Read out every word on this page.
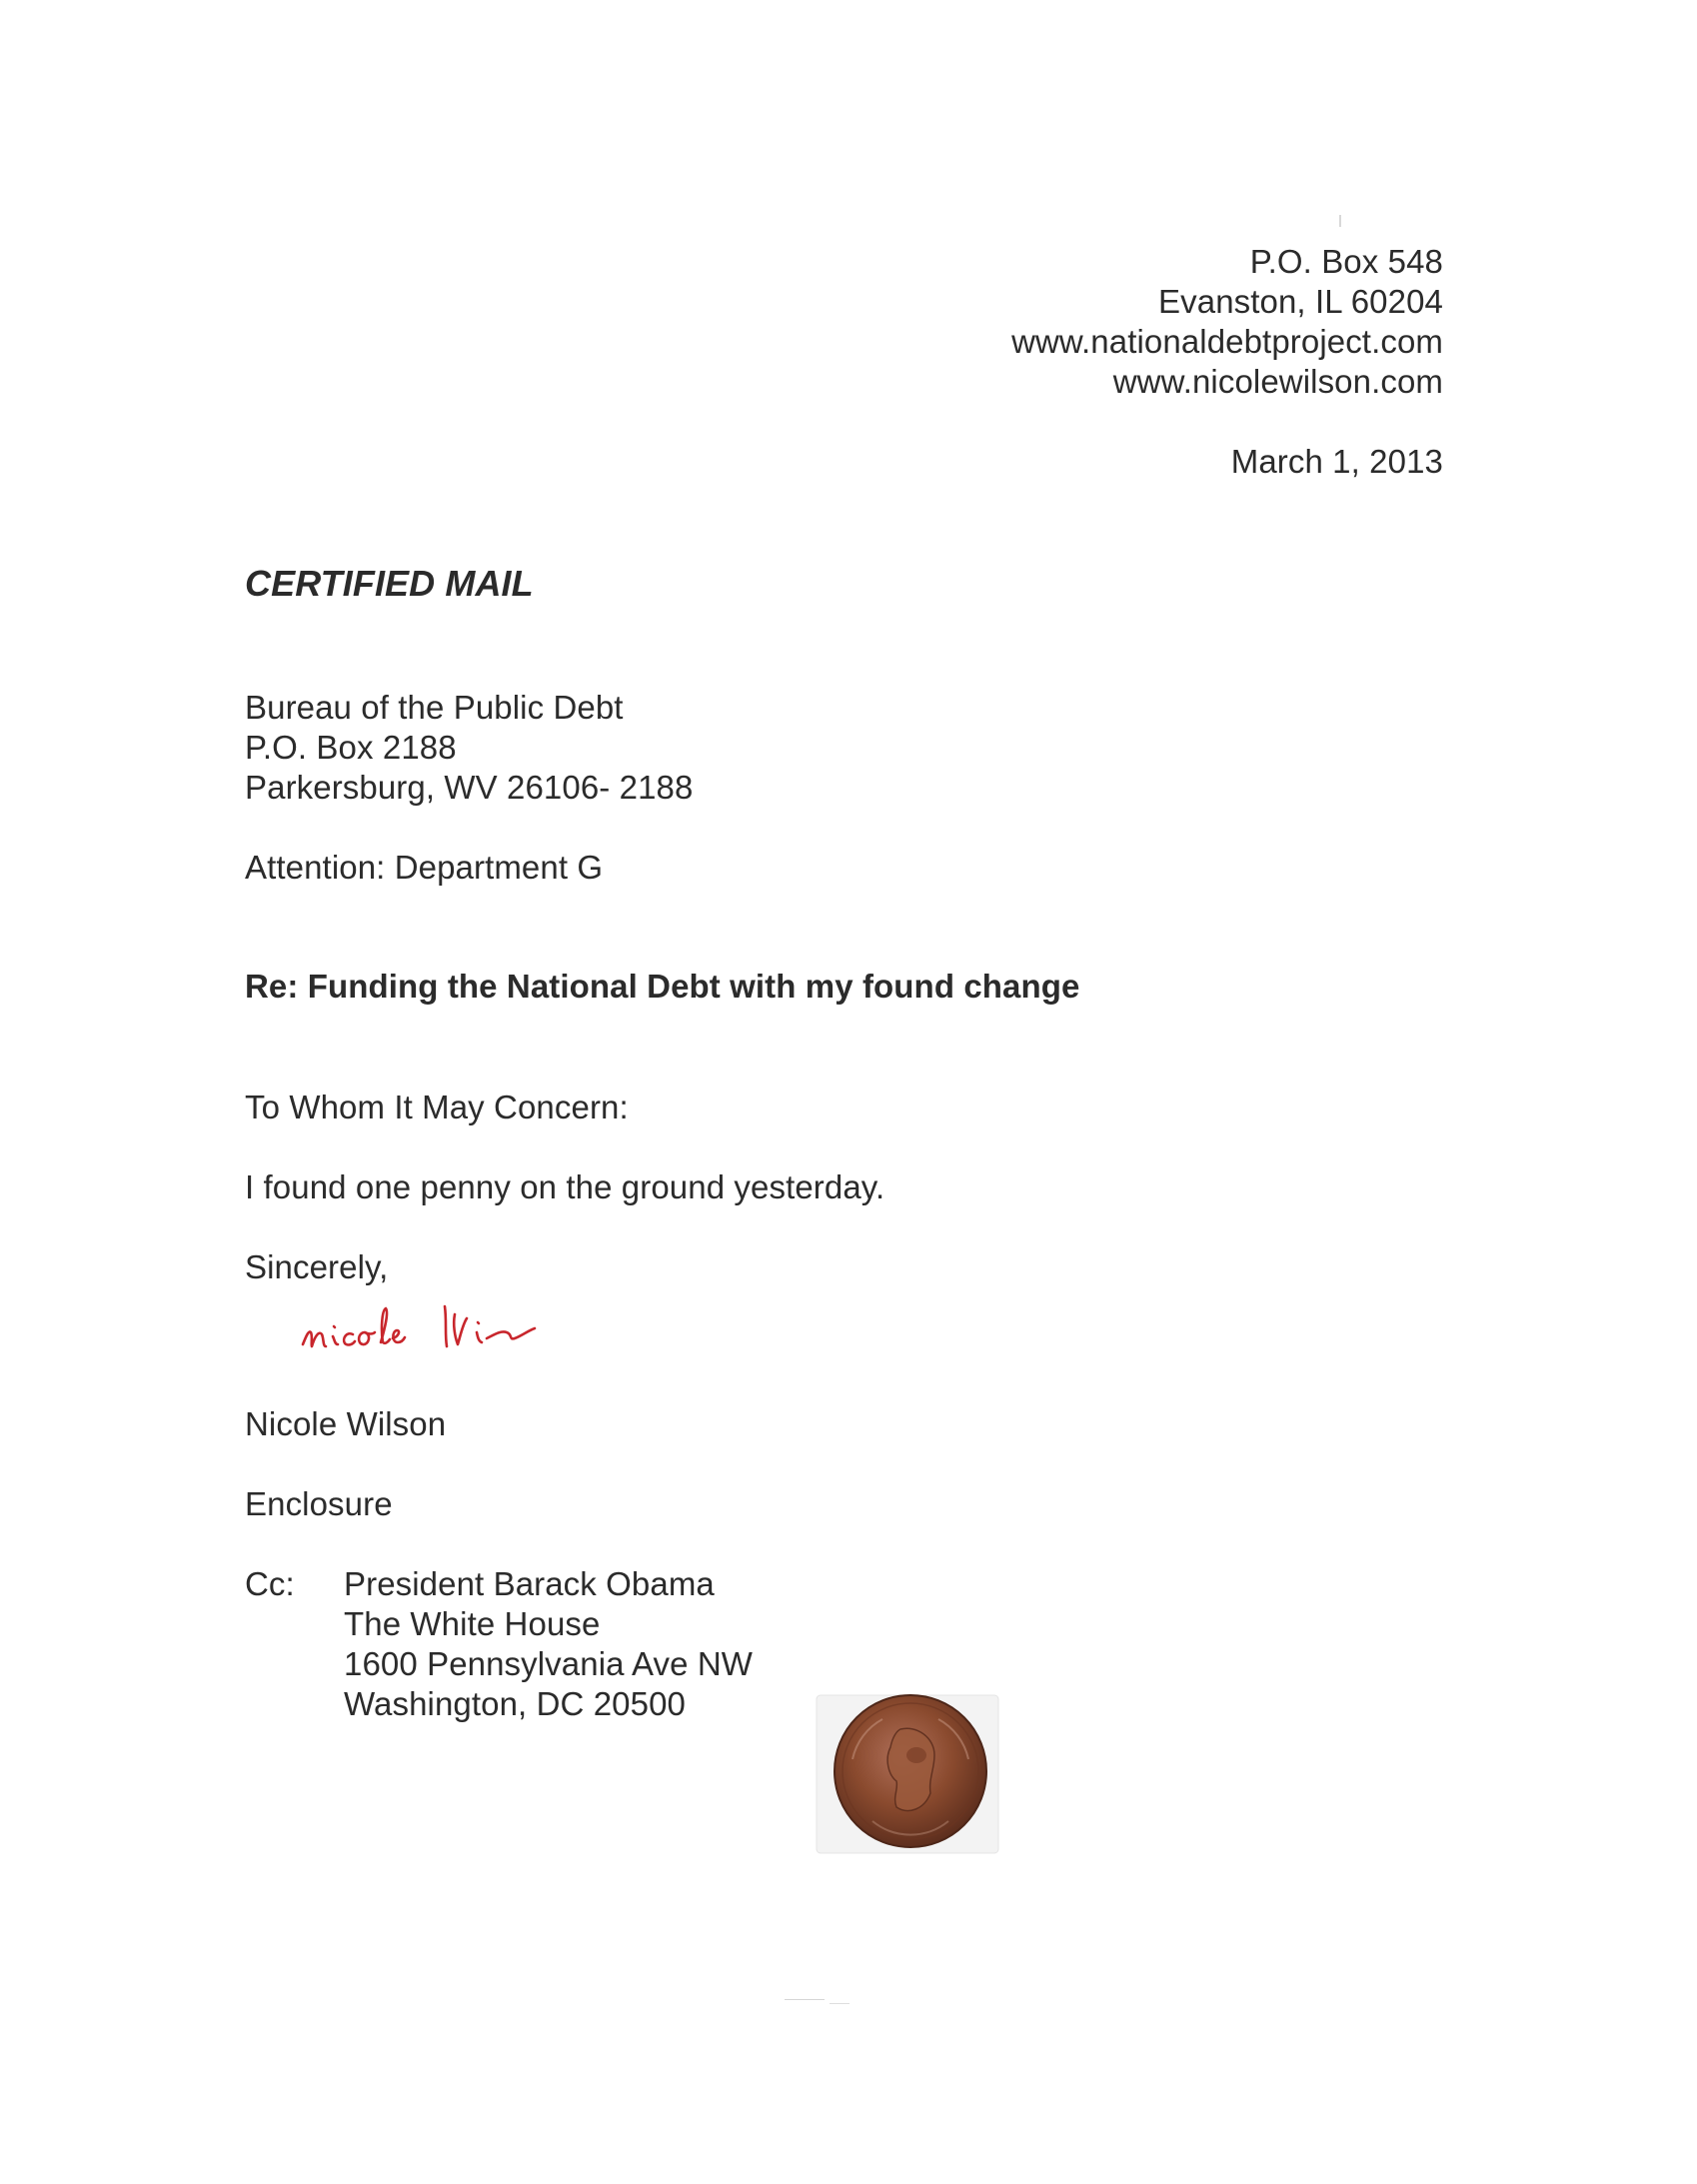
P.O. Box 548
Evanston, IL 60204
www.nationaldebtproject.com
www.nicolewilson.com
March 1, 2013
CERTIFIED MAIL
Bureau of the Public Debt
P.O. Box 2188
Parkersburg, WV 26106- 2188
Attention: Department G
Re: Funding the National Debt with my found change
To Whom It May Concern:
I found one penny on the ground yesterday.
Sincerely,
Nicole Wilson
Enclosure
Cc: President Barack Obama
The White House
1600 Pennsylvania Ave NW
Washington, DC 20500
